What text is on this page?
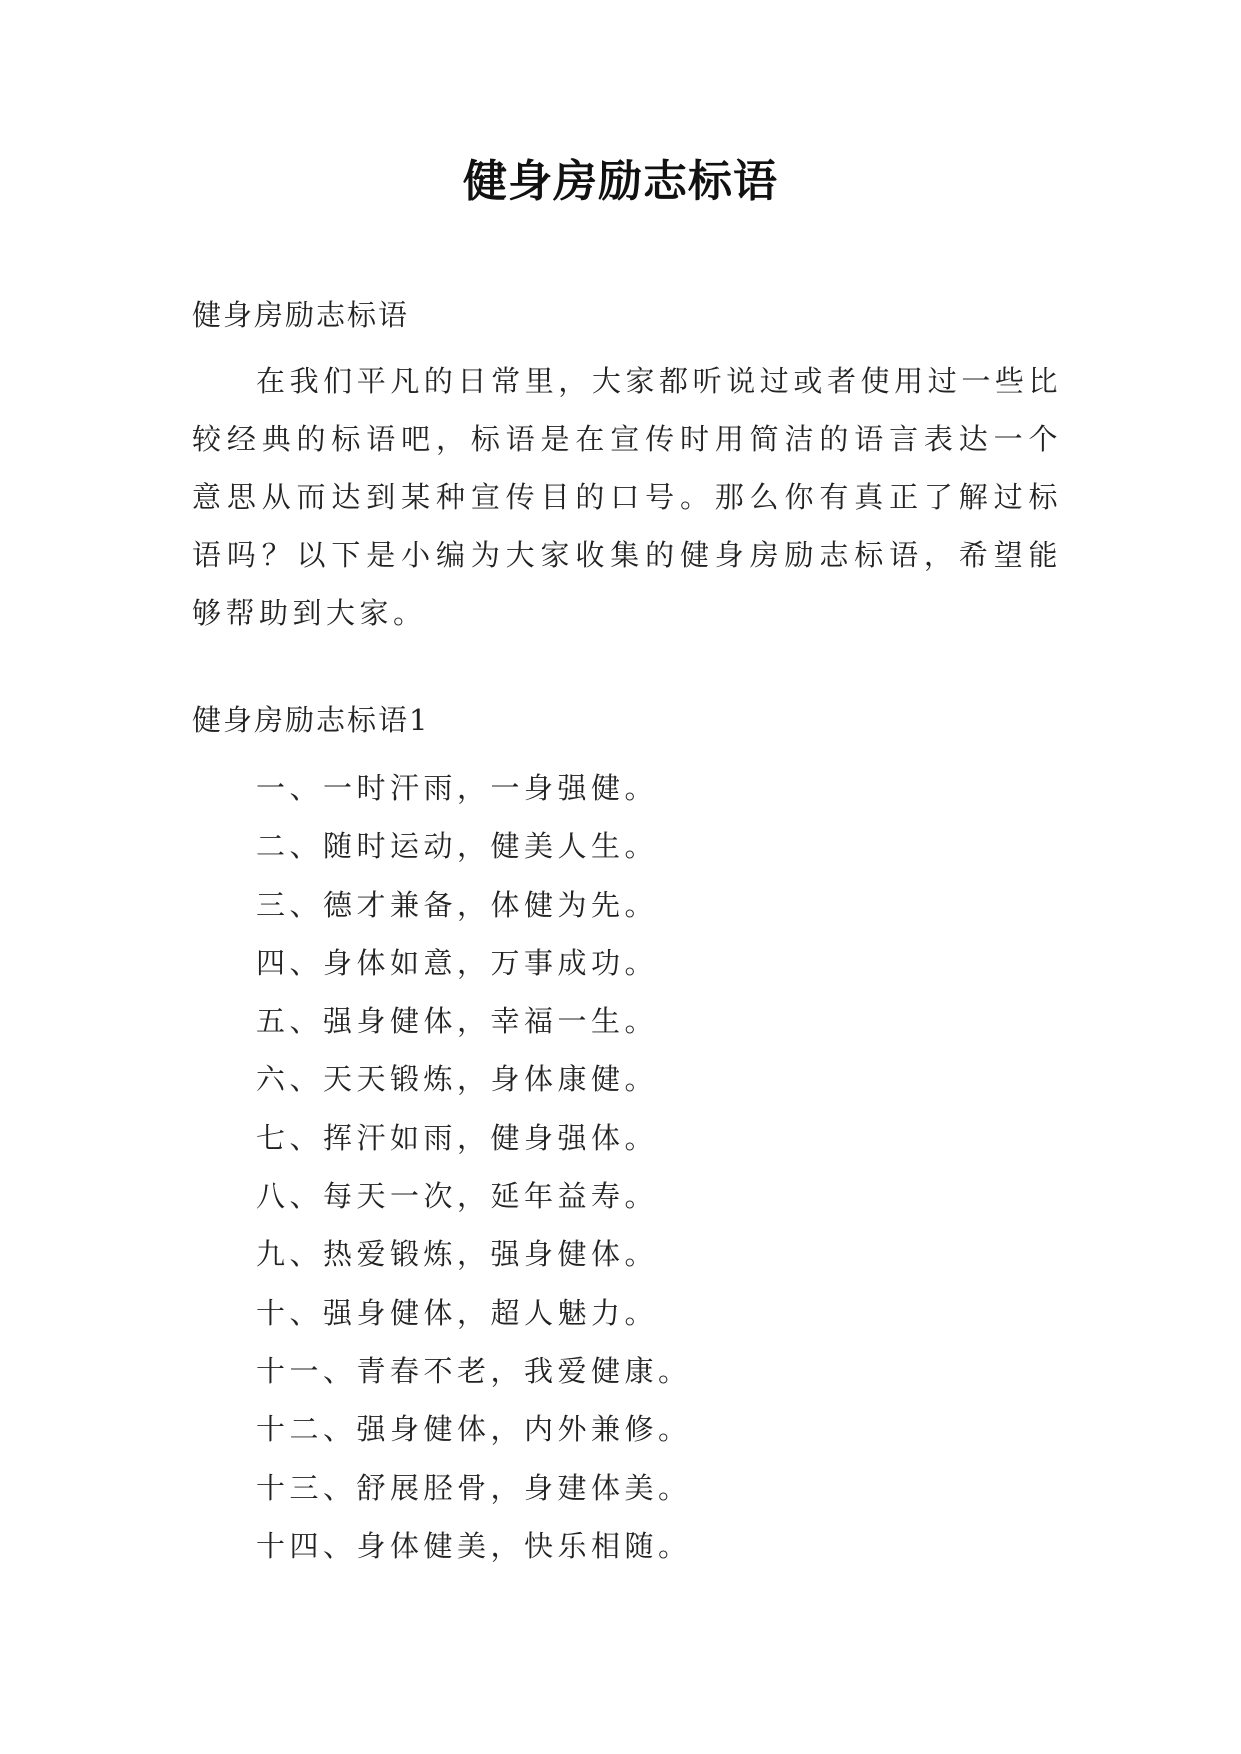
健身房励志标语
健身房励志标语

在我们平凡的日常里，大家都听说过或者使用过一些比较经典的标语吧，标语是在宣传时用简洁的语言表达一个意思从而达到某种宣传目的口号。那么你有真正了解过标语吗？以下是小编为大家收集的健身房励志标语，希望能够帮助到大家。

健身房励志标语1
一、一时汗雨，一身强健。
二、随时运动，健美人生。
三、德才兼备，体健为先。
四、身体如意，万事成功。
五、强身健体，幸福一生。
六、天天锻炼，身体康健。
七、挥汗如雨，健身强体。
八、每天一次，延年益寿。
九、热爱锻炼，强身健体。
十、强身健体，超人魅力。
十一、青春不老，我爱健康。
十二、强身健体，内外兼修。
十三、舒展胫骨，身建体美。
十四、身体健美，快乐相随。
